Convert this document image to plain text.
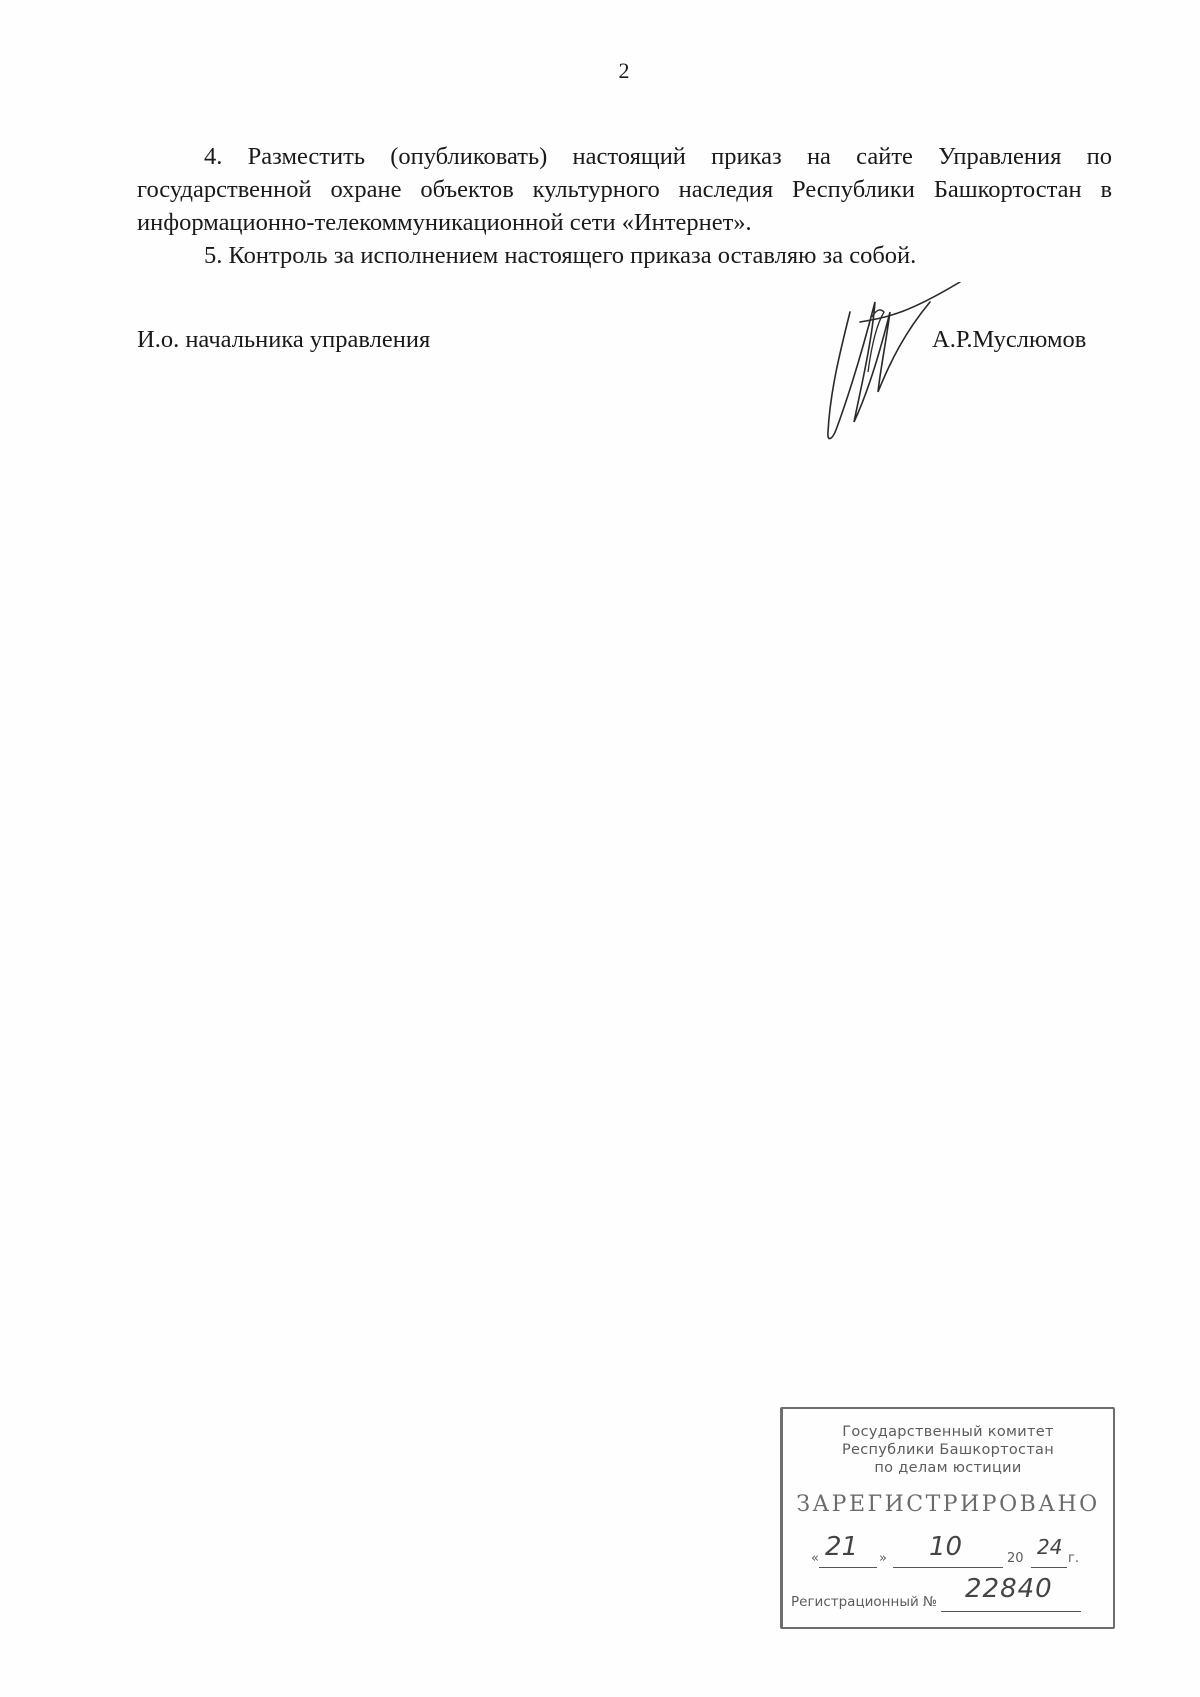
2

4. Разместить (опубликовать) настоящий приказ на сайте Управления по государственной охране объектов культурного наследия Республики Башкортостан в информационно-телекоммуникационной сети «Интернет».

5. Контроль за исполнением настоящего приказа оставляю за собой.

И.о. начальника управления	А.Р.Муслюмов
Государственный комитет
Республики Башкортостан
по делам юстиции
ЗАРЕГИСТРИРОВАНО
« 21 » 10	20 24 г.
Регистрационный № 22840
